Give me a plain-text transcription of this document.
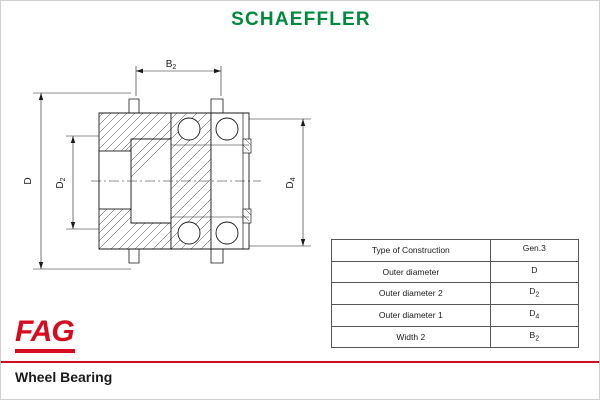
SCHAEFFLER
$B_2$
D
$D_2$
$D_4$
Type of Construction	Gen.3
Outer diameter	D
Outer diameter 2	$D_2$
Outer diameter 1	$D_4$
Width 2	$B_2$
FAG
Wheel Bearing
